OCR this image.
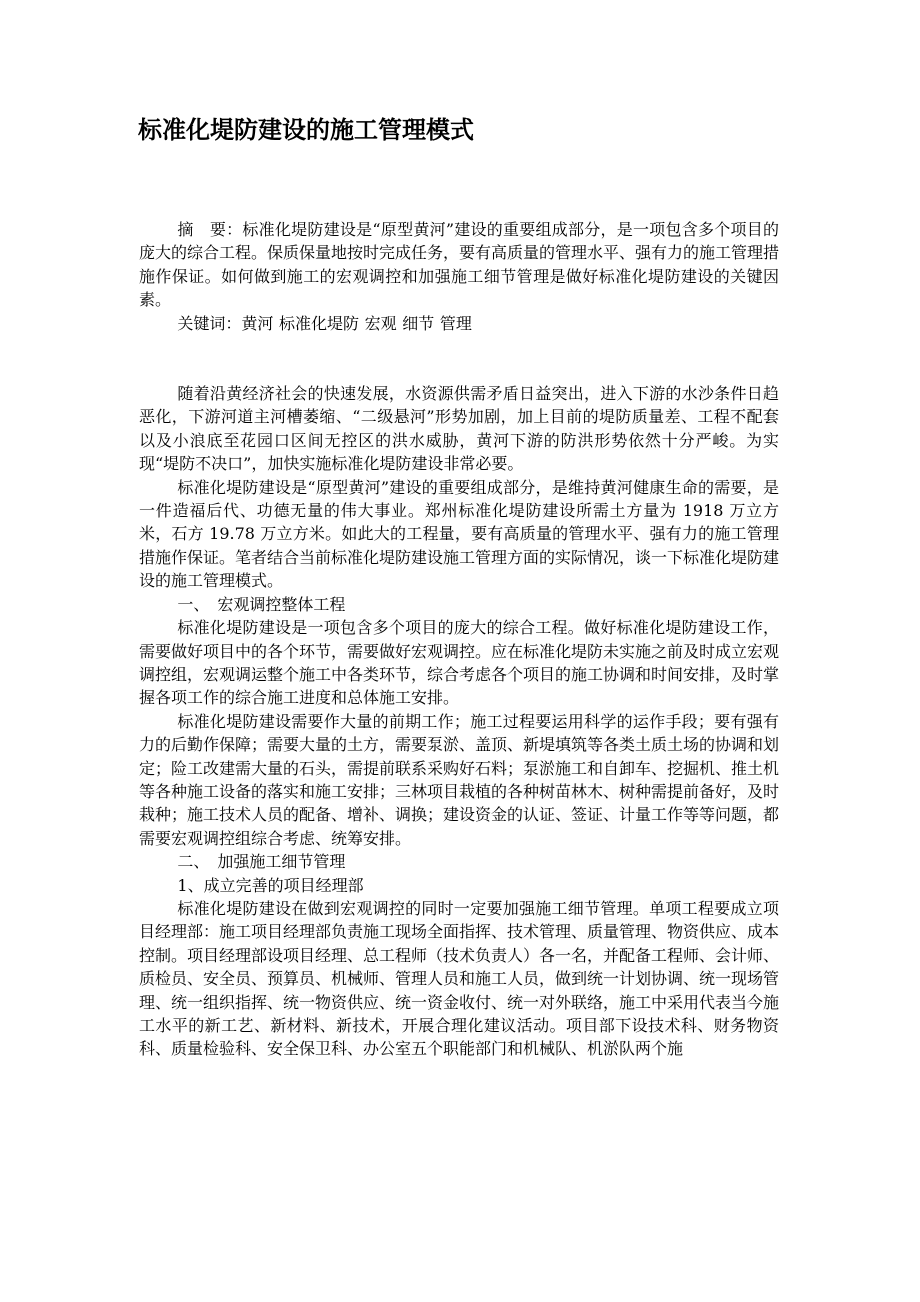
标准化堤防建设的施工管理模式

摘　要：标准化堤防建设是“原型黄河”建设的重要组成部分，是一项包含多个项目的庞大的综合工程。保质保量地按时完成任务，要有高质量的管理水平、强有力的施工管理措施作保证。如何做到施工的宏观调控和加强施工细节管理是做好标准化堤防建设的关键因素。

关键词：黄河 标准化堤防 宏观 细节 管理

随着沿黄经济社会的快速发展，水资源供需矛盾日益突出，进入下游的水沙条件日趋恶化，下游河道主河槽萎缩、“二级悬河”形势加剧，加上目前的堤防质量差、工程不配套以及小浪底至花园口区间无控区的洪水威胁，黄河下游的防洪形势依然十分严峻。为实现“堤防不决口”，加快实施标准化堤防建设非常必要。

标准化堤防建设是“原型黄河”建设的重要组成部分，是维持黄河健康生命的需要，是一件造福后代、功德无量的伟大事业。郑州标准化堤防建设所需土方量为 1918 万立方米，石方 19.78 万立方米。如此大的工程量，要有高质量的管理水平、强有力的施工管理措施作保证。笔者结合当前标准化堤防建设施工管理方面的实际情况，谈一下标准化堤防建设的施工管理模式。

一、　宏观调控整体工程

标准化堤防建设是一项包含多个项目的庞大的综合工程。做好标准化堤防建设工作，需要做好项目中的各个环节，需要做好宏观调控。应在标准化堤防未实施之前及时成立宏观调控组，宏观调运整个施工中各类环节，综合考虑各个项目的施工协调和时间安排，及时掌握各项工作的综合施工进度和总体施工安排。

标准化堤防建设需要作大量的前期工作；施工过程要运用科学的运作手段；要有强有力的后勤作保障；需要大量的土方，需要泵淤、盖顶、新堤填筑等各类土质土场的协调和划定；险工改建需大量的石头，需提前联系采购好石料；泵淤施工和自卸车、挖掘机、推土机等各种施工设备的落实和施工安排；三林项目栽植的各种树苗林木、树种需提前备好，及时栽种；施工技术人员的配备、增补、调换；建设资金的认证、签证、计量工作等等问题，都需要宏观调控组综合考虑、统筹安排。

二、　加强施工细节管理

1、成立完善的项目经理部

标准化堤防建设在做到宏观调控的同时一定要加强施工细节管理。单项工程要成立项目经理部：施工项目经理部负责施工现场全面指挥、技术管理、质量管理、物资供应、成本控制。项目经理部设项目经理、总工程师（技术负责人）各一名，并配备工程师、会计师、质检员、安全员、预算员、机械师、管理人员和施工人员，做到统一计划协调、统一现场管理、统一组织指挥、统一物资供应、统一资金收付、统一对外联络，施工中采用代表当今施工水平的新工艺、新材料、新技术，开展合理化建议活动。项目部下设技术科、财务物资科、质量检验科、安全保卫科、办公室五个职能部门和机械队、机淤队两个施
